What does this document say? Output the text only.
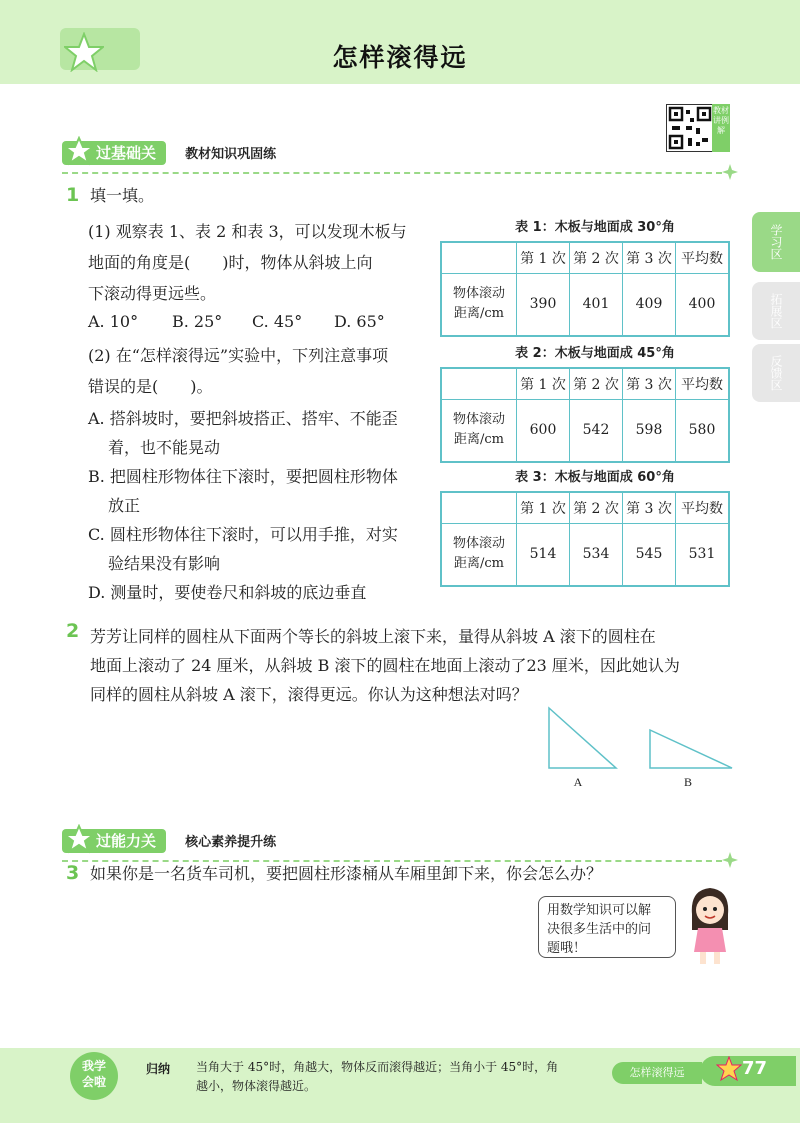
怎样滚得远
教材讲例解
学习区
拓展区
反馈区
过基础关 教材知识巩固练
1 填一填。
(1) 观察表 1、表 2 和表 3，可以发现木板与
地面的角度是(　　)时，物体从斜坡上向
下滚动得更远些。
A. 10° B. 25° C. 45° D. 65°
(2) 在“怎样滚得远”实验中，下列注意事项
错误的是(　　)。
A. 搭斜坡时，要把斜坡搭正、搭牢、不能歪
着，也不能晃动
B. 把圆柱形物体往下滚时，要把圆柱形物体
放正
C. 圆柱形物体往下滚时，可以用手推，对实
验结果没有影响
D. 测量时，要使卷尺和斜坡的底边垂直
表 1：木板与地面成 30°角
	第 1 次	第 2 次	第 3 次	平均数

物体滚动
距离/cm	390	401	409	400
表 2：木板与地面成 45°角
	第 1 次	第 2 次	第 3 次	平均数

物体滚动
距离/cm	600	542	598	580
表 3：木板与地面成 60°角
	第 1 次	第 2 次	第 3 次	平均数

物体滚动
距离/cm	514	534	545	531
2 芳芳让同样的圆柱从下面两个等长的斜坡上滚下来，量得从斜坡 A 滚下的圆柱在
地面上滚动了 24 厘米，从斜坡 B 滚下的圆柱在地面上滚动了23 厘米，因此她认为
同样的圆柱从斜坡 A 滚下，滚得更远。你认为这种想法对吗？
A	B
过能力关 核心素养提升练
3 如果你是一名货车司机，要把圆柱形漆桶从车厢里卸下来，你会怎么办？
用数学知识可以解
决很多生活中的问
题哦！
我学
会啦
归纳 当角大于 45°时，角越大，物体反而滚得越近；当角小于 45°时，角
越小，物体滚得越近。
怎样滚得远	77
